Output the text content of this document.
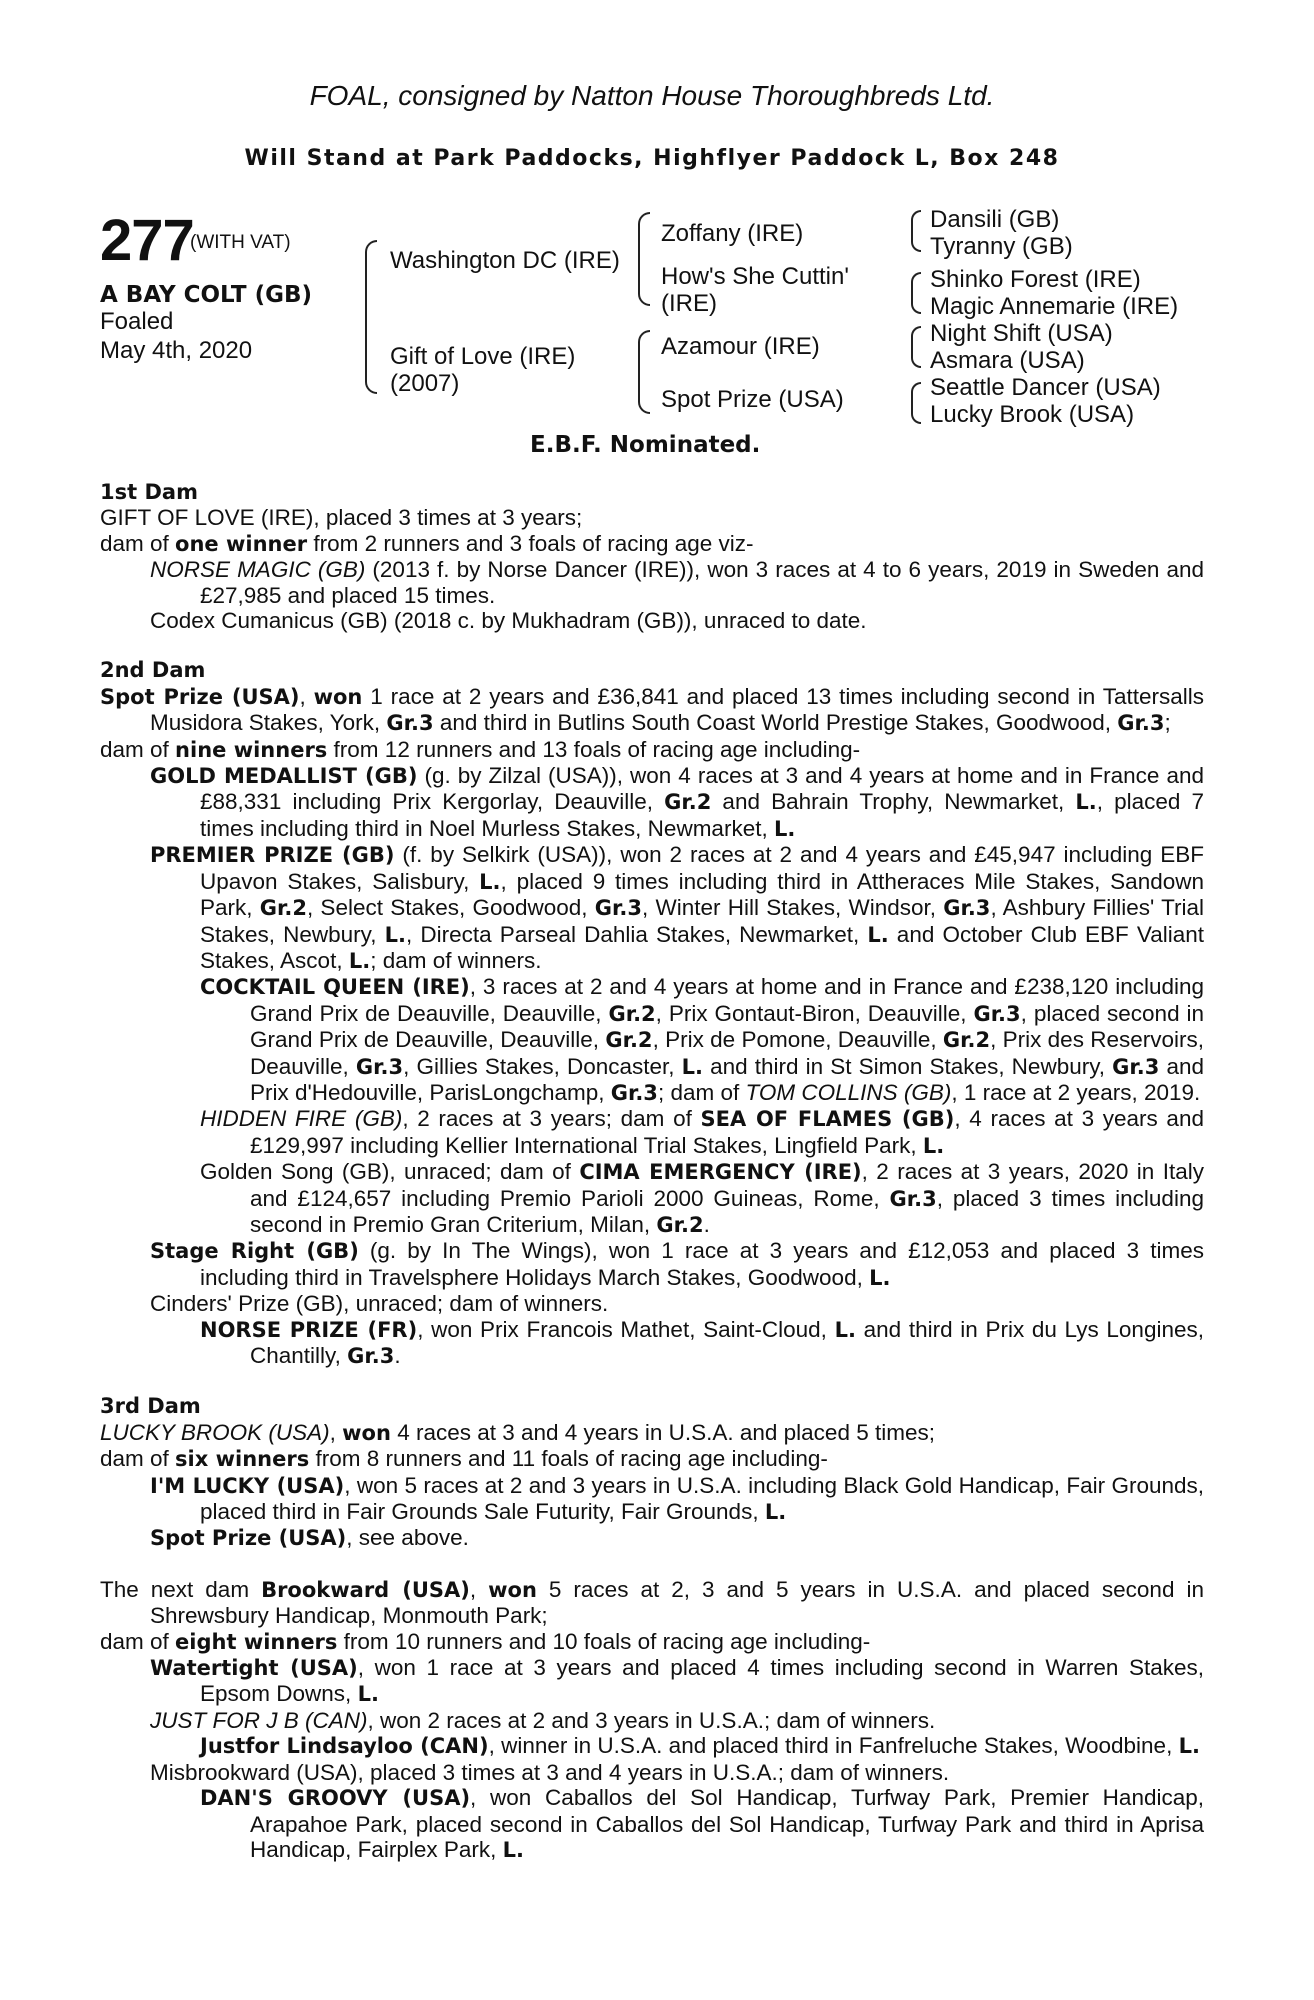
FOAL, consigned by Natton House Thoroughbreds Ltd.
Will Stand at Park Paddocks, Highflyer Paddock L, Box 248
277
(WITH VAT)
A BAY COLT (GB)
Foaled
May 4th, 2020
Washington DC (IRE)
Gift of Love (IRE)
(2007)
Zoffany (IRE)
How's She Cuttin'
(IRE)
Azamour (IRE)
Spot Prize (USA)
Dansili (GB)
Tyranny (GB)
Shinko Forest (IRE)
Magic Annemarie (IRE)
Night Shift (USA)
Asmara (USA)
Seattle Dancer (USA)
Lucky Brook (USA)
E.B.F. Nominated.
1st Dam
GIFT OF LOVE (IRE), placed 3 times at 3 years;
dam of one winner from 2 runners and 3 foals of racing age viz-
NORSE MAGIC (GB) (2013 f. by Norse Dancer (IRE)), won 3 races at 4 to 6 years, 2019 in Sweden and £27,985 and placed 15 times.
Codex Cumanicus (GB) (2018 c. by Mukhadram (GB)), unraced to date.
2nd Dam
Spot Prize (USA), won 1 race at 2 years and £36,841 and placed 13 times including second in Tattersalls Musidora Stakes, York, Gr.3 and third in Butlins South Coast World Prestige Stakes, Goodwood, Gr.3;
dam of nine winners from 12 runners and 13 foals of racing age including-
GOLD MEDALLIST (GB) (g. by Zilzal (USA)), won 4 races at 3 and 4 years at home and in France and £88,331 including Prix Kergorlay, Deauville, Gr.2 and Bahrain Trophy, Newmarket, L., placed 7 times including third in Noel Murless Stakes, Newmarket, L.
PREMIER PRIZE (GB) (f. by Selkirk (USA)), won 2 races at 2 and 4 years and £45,947 including EBF Upavon Stakes, Salisbury, L., placed 9 times including third in Attheraces Mile Stakes, Sandown Park, Gr.2, Select Stakes, Goodwood, Gr.3, Winter Hill Stakes, Windsor, Gr.3, Ashbury Fillies' Trial Stakes, Newbury, L., Directa Parseal Dahlia Stakes, Newmarket, L. and October Club EBF Valiant Stakes, Ascot, L.; dam of winners.
COCKTAIL QUEEN (IRE), 3 races at 2 and 4 years at home and in France and £238,120 including Grand Prix de Deauville, Deauville, Gr.2, Prix Gontaut-Biron, Deauville, Gr.3, placed second in Grand Prix de Deauville, Deauville, Gr.2, Prix de Pomone, Deauville, Gr.2, Prix des Reservoirs, Deauville, Gr.3, Gillies Stakes, Doncaster, L. and third in St Simon Stakes, Newbury, Gr.3 and Prix d'Hedouville, ParisLongchamp, Gr.3; dam of TOM COLLINS (GB), 1 race at 2 years, 2019.
HIDDEN FIRE (GB), 2 races at 3 years; dam of SEA OF FLAMES (GB), 4 races at 3 years and £129,997 including Kellier International Trial Stakes, Lingfield Park, L.
Golden Song (GB), unraced; dam of CIMA EMERGENCY (IRE), 2 races at 3 years, 2020 in Italy and £124,657 including Premio Parioli 2000 Guineas, Rome, Gr.3, placed 3 times including second in Premio Gran Criterium, Milan, Gr.2.
Stage Right (GB) (g. by In The Wings), won 1 race at 3 years and £12,053 and placed 3 times including third in Travelsphere Holidays March Stakes, Goodwood, L.
Cinders' Prize (GB), unraced; dam of winners.
NORSE PRIZE (FR), won Prix Francois Mathet, Saint-Cloud, L. and third in Prix du Lys Longines, Chantilly, Gr.3.
3rd Dam
LUCKY BROOK (USA), won 4 races at 3 and 4 years in U.S.A. and placed 5 times;
dam of six winners from 8 runners and 11 foals of racing age including-
I'M LUCKY (USA), won 5 races at 2 and 3 years in U.S.A. including Black Gold Handicap, Fair Grounds, placed third in Fair Grounds Sale Futurity, Fair Grounds, L.
Spot Prize (USA), see above.
The next dam Brookward (USA), won 5 races at 2, 3 and 5 years in U.S.A. and placed second in Shrewsbury Handicap, Monmouth Park;
dam of eight winners from 10 runners and 10 foals of racing age including-
Watertight (USA), won 1 race at 3 years and placed 4 times including second in Warren Stakes, Epsom Downs, L.
JUST FOR J B (CAN), won 2 races at 2 and 3 years in U.S.A.; dam of winners.
Justfor Lindsayloo (CAN), winner in U.S.A. and placed third in Fanfreluche Stakes, Woodbine, L.
Misbrookward (USA), placed 3 times at 3 and 4 years in U.S.A.; dam of winners.
DAN'S GROOVY (USA), won Caballos del Sol Handicap, Turfway Park, Premier Handicap, Arapahoe Park, placed second in Caballos del Sol Handicap, Turfway Park and third in Aprisa Handicap, Fairplex Park, L.
